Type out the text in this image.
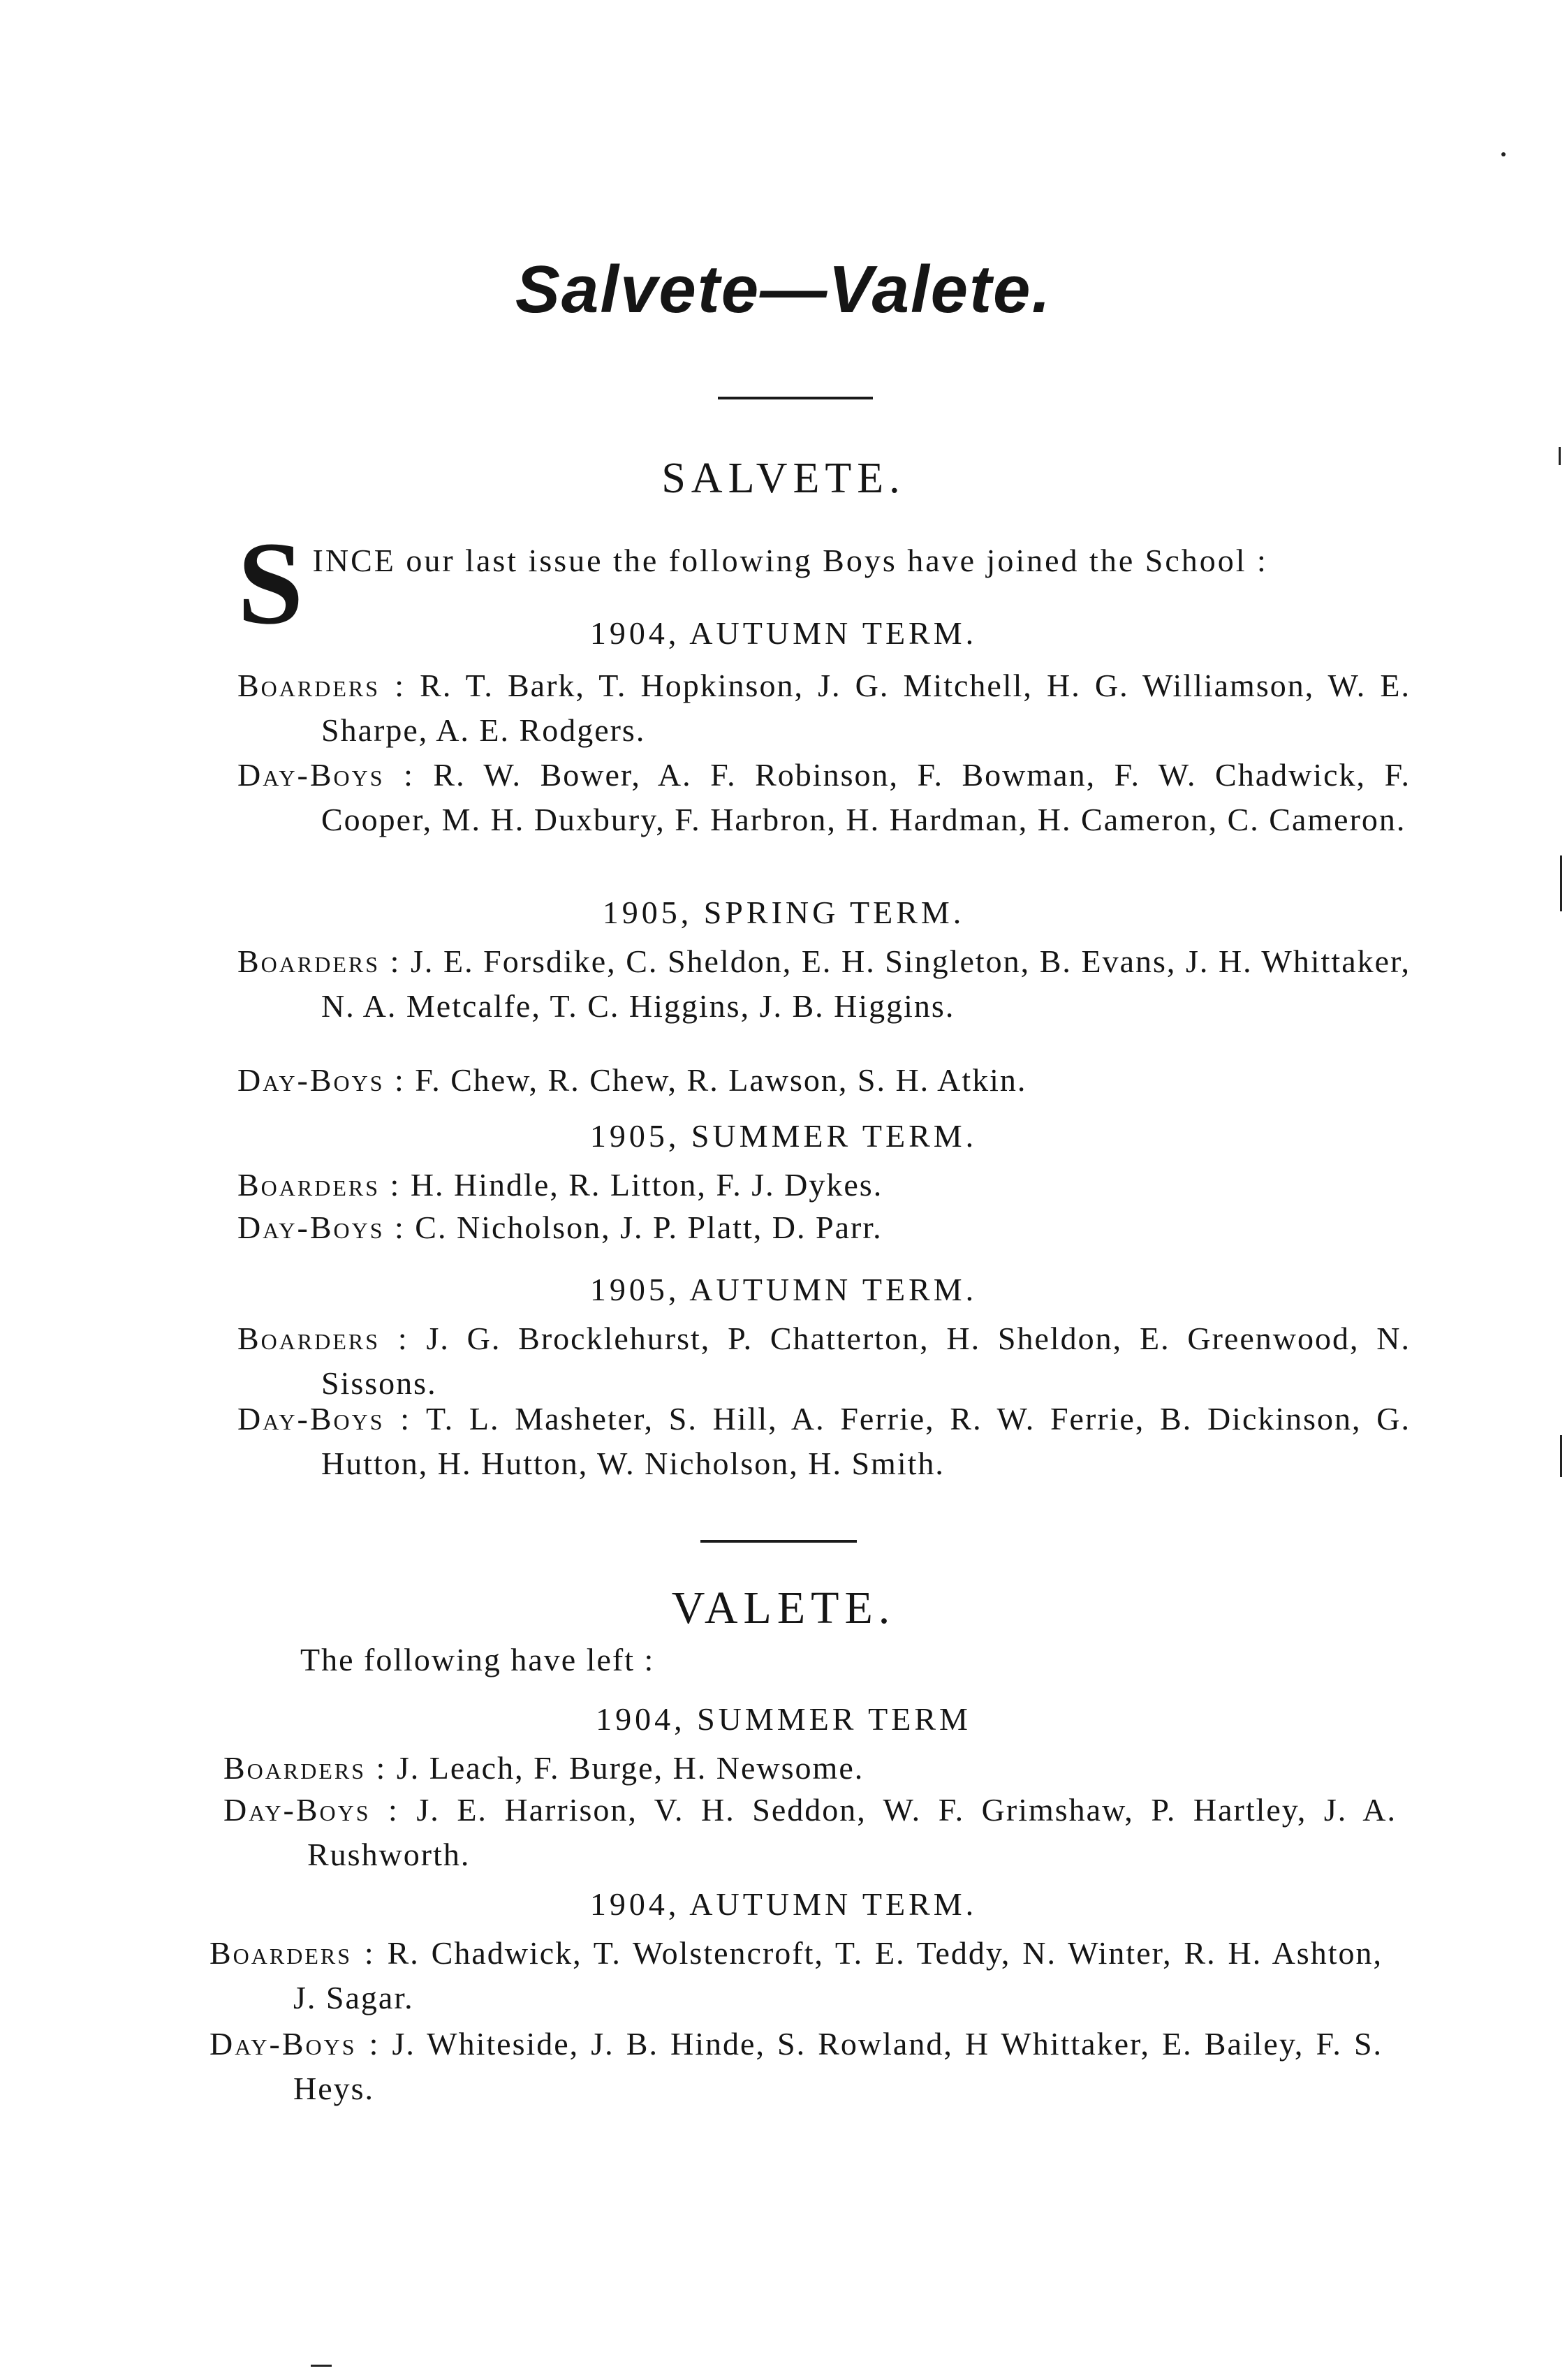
Salvete—Valete.
SALVETE.
S INCE our last issue the following Boys have joined the School :
1904, AUTUMN TERM.
Boarders : R. T. Bark, T. Hopkinson, J. G. Mitchell, H. G. Williamson, W. E. Sharpe, A. E. Rodgers.
Day-Boys : R. W. Bower, A. F. Robinson, F. Bowman, F. W. Chadwick, F. Cooper, M. H. Duxbury, F. Harbron, H. Hardman, H. Cameron, C. Cameron.
1905, SPRING TERM.
Boarders : J. E. Forsdike, C. Sheldon, E. H. Singleton, B. Evans, J. H. Whittaker, N. A. Metcalfe, T. C. Higgins, J. B. Higgins.
Day-Boys : F. Chew, R. Chew, R. Lawson, S. H. Atkin.
1905, SUMMER TERM.
Boarders : H. Hindle, R. Litton, F. J. Dykes.
Day-Boys : C. Nicholson, J. P. Platt, D. Parr.
1905, AUTUMN TERM.
Boarders : J. G. Brocklehurst, P. Chatterton, H. Sheldon, E. Greenwood, N. Sissons.
Day-Boys : T. L. Masheter, S. Hill, A. Ferrie, R. W. Ferrie, B. Dickinson, G. Hutton, H. Hutton, W. Nicholson, H. Smith.
VALETE.
The following have left :
1904, SUMMER TERM
Boarders : J. Leach, F. Burge, H. Newsome.
Day-Boys : J. E. Harrison, V. H. Seddon, W. F. Grimshaw, P. Hartley, J. A. Rushworth.
1904, AUTUMN TERM.
Boarders : R. Chadwick, T. Wolstencroft, T. E. Teddy, N. Winter, R. H. Ashton, J. Sagar.
Day-Boys : J. Whiteside, J. B. Hinde, S. Rowland, H Whittaker, E. Bailey, F. S. Heys.
